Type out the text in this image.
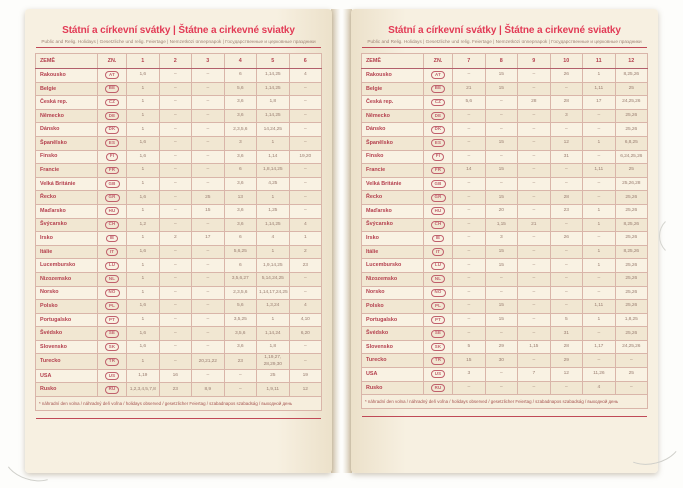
Státní a církevní svátky | Štátne a cirkevné sviatky
Public and Relig. Holidays | Gesetzliche und relig. Feiertage | Nemzetközi ünnepnapok | Государственные и церковные праздники
ZEMĚ	ZN.	1	2	3	4	5	6
Rakousko	AT	1,6	–	–	6	1,14,25	4
Belgie	BE	1	–	–	5,6	1,14,25	–
Česká rep.	CZ	1	–	–	3,6	1,8	–
Německo	DE	1	–	–	3,6	1,14,25	–
Dánsko	DK	1	–	–	2,3,5,6	14,24,25	–
Španělsko	ES	1,6	–	–	3	1	–
Finsko	FI	1,6	–	–	3,6	1,14	19,20
Francie	FR	1	–	–	6	1,8,14,25	–
Velká Británie	GB	1	–	–	3,6	4,25	–
Řecko	GR	1,6	–	25	13	1	–
Maďarsko	HU	1	–	15	3,6	1,25	–
Švýcarsko	CH	1,2	–	–	3,6	1,14,25	4
Irsko	IE	1	2	17	6	4	1
Itálie	IT	1,6	–	–	5,6,25	1	2
Lucembursko	LU	1	–	–	6	1,9,14,25	23
Nizozemsko	NL	1	–	–	3,5,6,27	5,14,24,25	–
Norsko	NO	1	–	–	2,3,5,6	1,14,17,24,25	–
Polsko	PL	1,6	–	–	5,6	1,3,24	4
Portugalsko	PT	1	–	–	3,5,25	1	4,10
Švédsko	SE	1,6	–	–	3,5,6	1,14,24	6,20
Slovensko	SK	1,6	–	–	3,6	1,8	–
Turecko	TR	1	–	20,21,22	23	1,19,27, 28,29,30	–
USA	US	1,19	16	–	–	25	19
Rusko	RU	1,2,3,4,5,7,8	23	8,9	–	1,9,11	12
* náhradní den volna / náhradný deň voľna / holidays observed / gesetzlicher Feiertag / szabadnapos szabadság / выходной день							
Státní a církevní svátky | Štátne a cirkevné sviatky
Public and Relig. Holidays | Gesetzliche und relig. Feiertage | Nemzetközi ünnepnapok | Государственные и церковные праздники
ZEMĚ	ZN.	7	8	9	10	11	12
Rakousko	AT	–	15	–	26	1	8,25,26
Belgie	BE	21	15	–	–	1,11	25
Česká rep.	CZ	5,6	–	28	28	17	24,25,26
Německo	DE	–	–	–	3	–	25,26
Dánsko	DK	–	–	–	–	–	25,26
Španělsko	ES	–	15	–	12	1	6,8,25
Finsko	FI	–	–	–	31	–	6,24,25,26
Francie	FR	14	15	–	–	1,11	25
Velká Británie	GB	–	–	–	–	–	25,26,28
Řecko	GR	–	15	–	28	–	25,26
Maďarsko	HU	–	20	–	23	1	25,26
Švýcarsko	CH	–	1,15	21	–	1	8,25,26
Irsko	IE	–	3	–	26	–	25,26
Itálie	IT	–	15	–	–	1	8,25,26
Lucembursko	LU	–	15	–	–	1	25,26
Nizozemsko	NL	–	–	–	–	–	25,26
Norsko	NO	–	–	–	–	–	25,26
Polsko	PL	–	15	–	–	1,11	25,26
Portugalsko	PT	–	15	–	5	1	1,8,25
Švédsko	SE	–	–	–	31	–	25,26
Slovensko	SK	5	29	1,15	28	1,17	24,25,26
Turecko	TR	15	30	–	29	–	–
USA	US	3	–	7	12	11,26	25
Rusko	RU	–	–	–	–	4	–
* náhradní den volna / náhradný deň voľna / holidays observed / gesetzlicher Feiertag / szabadnapos szabadság / выходной день							
